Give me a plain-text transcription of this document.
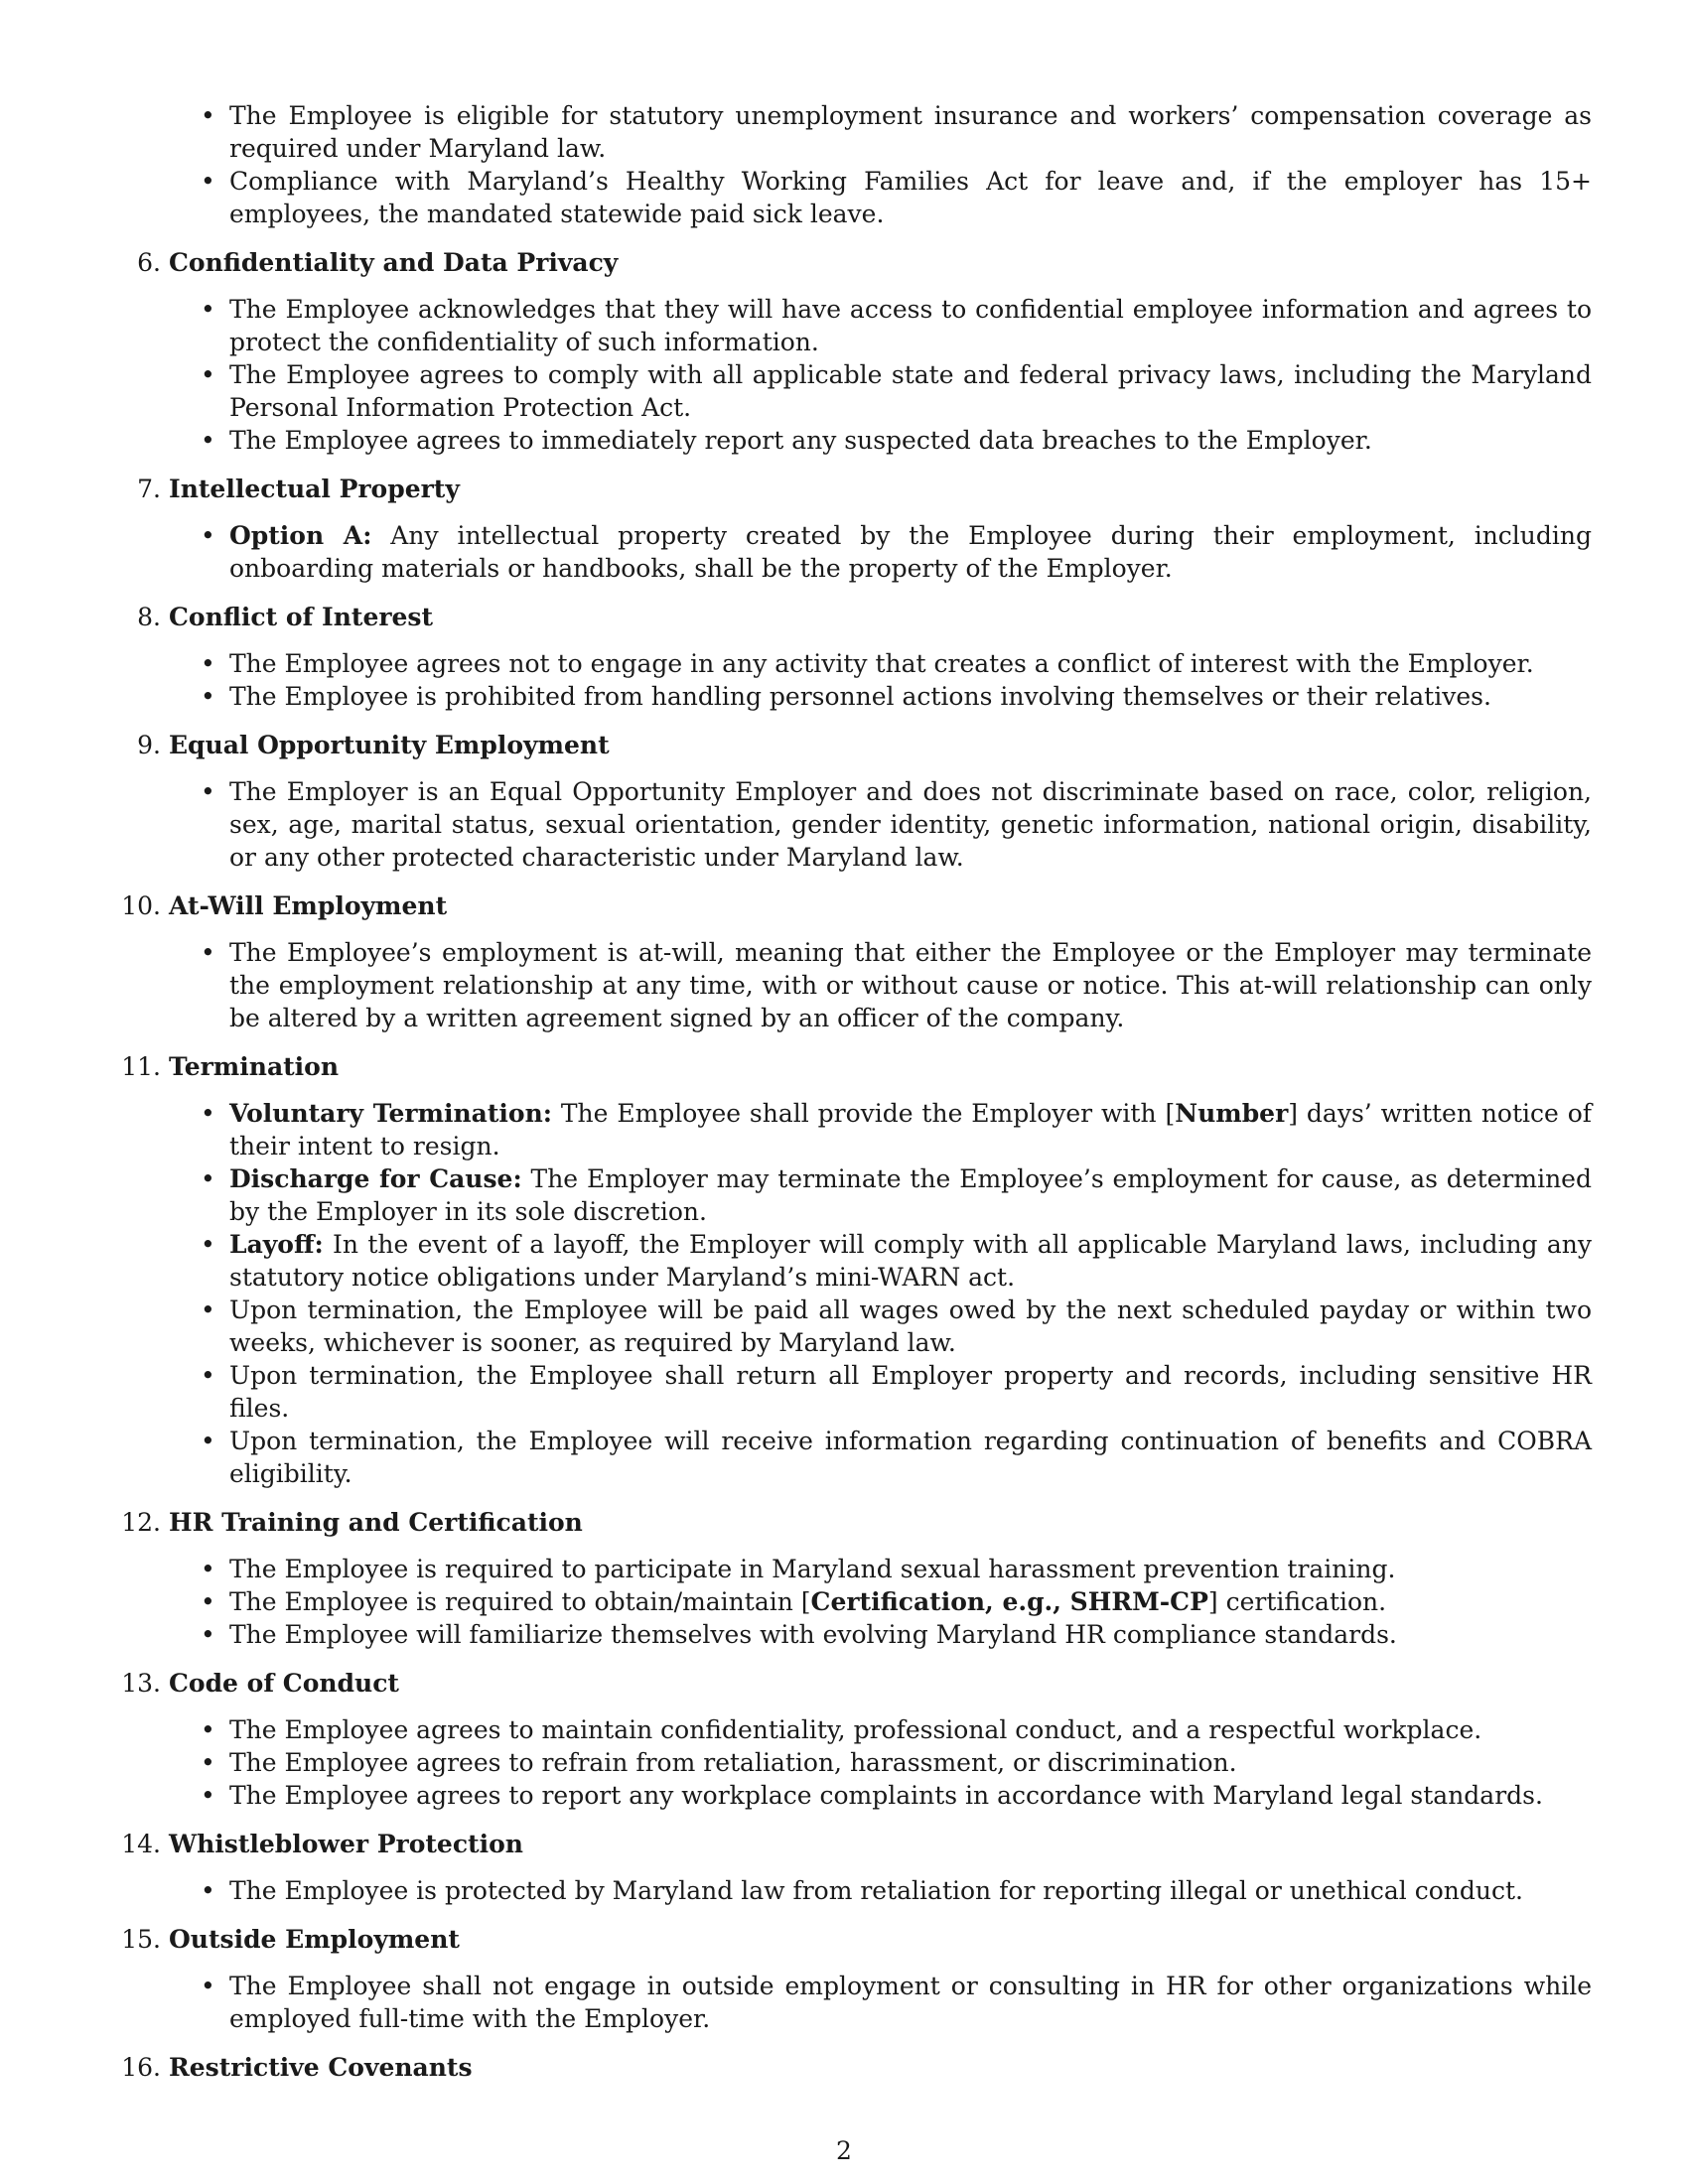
• The Employee is eligible for statutory unemployment insurance and workers’ compensation coverage as required under Maryland law.
• Compliance with Maryland’s Healthy Working Families Act for leave and, if the employer has 15+ employees, the mandated statewide paid sick leave.
6. Confidentiality and Data Privacy
• The Employee acknowledges that they will have access to confidential employee information and agrees to protect the confidentiality of such information.
• The Employee agrees to comply with all applicable state and federal privacy laws, including the Maryland Personal Information Protection Act.
• The Employee agrees to immediately report any suspected data breaches to the Employer.
7. Intellectual Property
• Option A: Any intellectual property created by the Employee during their employment, including onboarding materials or handbooks, shall be the property of the Employer.
8. Conflict of Interest
• The Employee agrees not to engage in any activity that creates a conflict of interest with the Employer.
• The Employee is prohibited from handling personnel actions involving themselves or their relatives.
9. Equal Opportunity Employment
• The Employer is an Equal Opportunity Employer and does not discriminate based on race, color, religion, sex, age, marital status, sexual orientation, gender identity, genetic information, national origin, disability, or any other protected characteristic under Maryland law.
10. At-Will Employment
• The Employee’s employment is at-will, meaning that either the Employee or the Employer may terminate the employment relationship at any time, with or without cause or notice. This at-will relationship can only be altered by a written agreement signed by an officer of the company.
11. Termination
• Voluntary Termination: The Employee shall provide the Employer with [Number] days’ written notice of their intent to resign.
• Discharge for Cause: The Employer may terminate the Employee’s employment for cause, as determined by the Employer in its sole discretion.
• Layoff: In the event of a layoff, the Employer will comply with all applicable Maryland laws, including any statutory notice obligations under Maryland’s mini-WARN act.
• Upon termination, the Employee will be paid all wages owed by the next scheduled payday or within two weeks, whichever is sooner, as required by Maryland law.
• Upon termination, the Employee shall return all Employer property and records, including sensitive HR files.
• Upon termination, the Employee will receive information regarding continuation of benefits and COBRA eligibility.
12. HR Training and Certification
• The Employee is required to participate in Maryland sexual harassment prevention training.
• The Employee is required to obtain/maintain [Certification, e.g., SHRM-CP] certification.
• The Employee will familiarize themselves with evolving Maryland HR compliance standards.
13. Code of Conduct
• The Employee agrees to maintain confidentiality, professional conduct, and a respectful workplace.
• The Employee agrees to refrain from retaliation, harassment, or discrimination.
• The Employee agrees to report any workplace complaints in accordance with Maryland legal standards.
14. Whistleblower Protection
• The Employee is protected by Maryland law from retaliation for reporting illegal or unethical conduct.
15. Outside Employment
• The Employee shall not engage in outside employment or consulting in HR for other organizations while employed full-time with the Employer.
16. Restrictive Covenants
2
